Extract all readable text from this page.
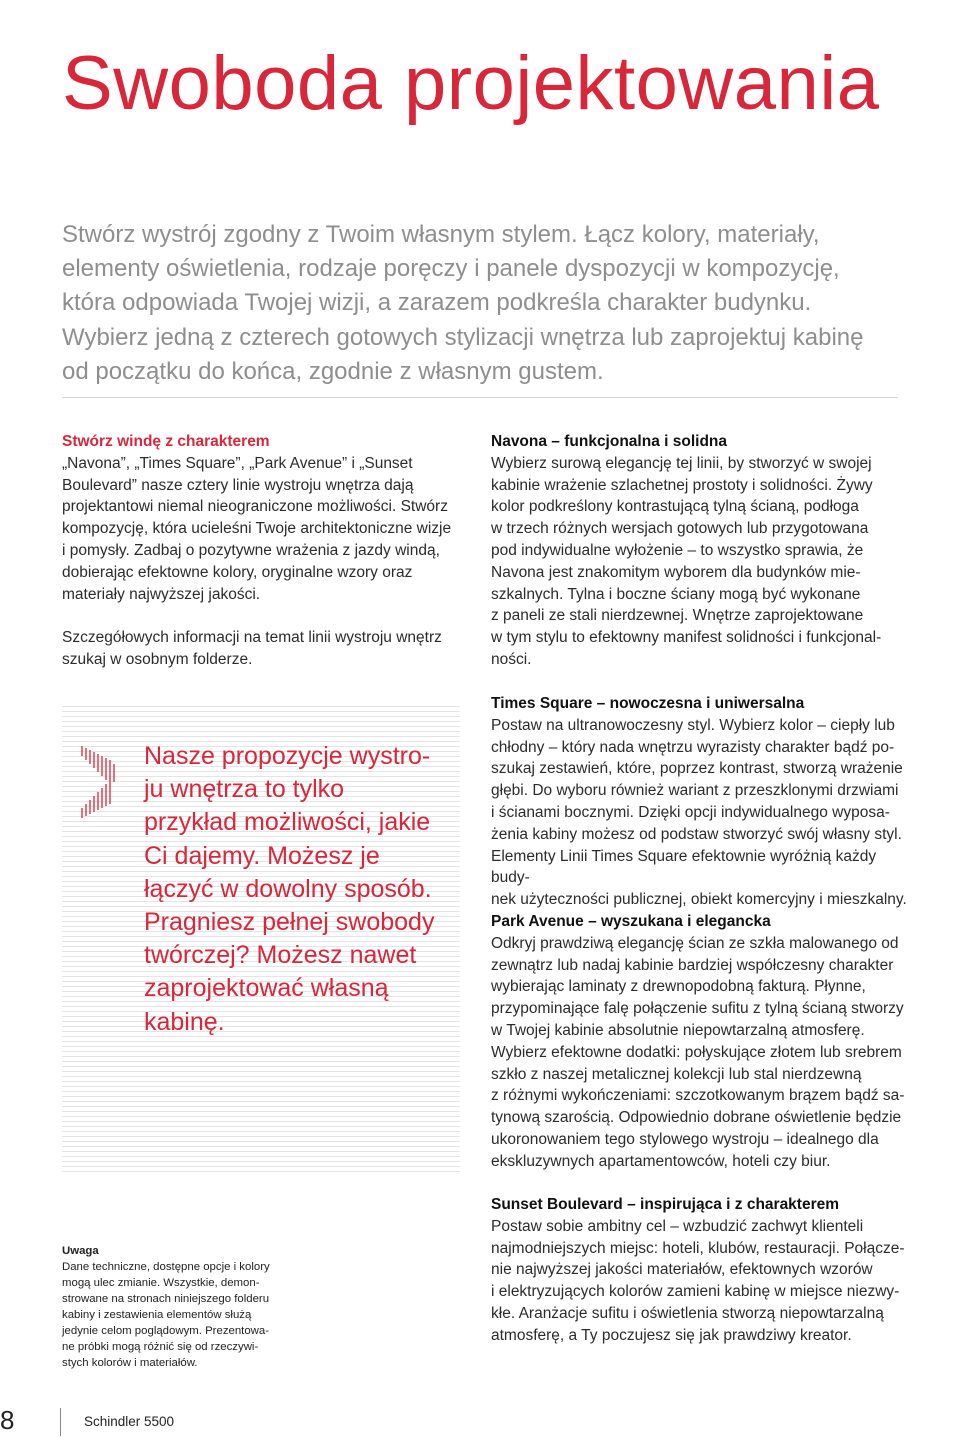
Swoboda projektowania
Stwórz wystrój zgodny z Twoim własnym stylem. Łącz kolory, materiały,
elementy oświetlenia, rodzaje poręczy i panele dyspozycji w kompozycję,
która odpowiada Twojej wizji, a zarazem podkreśla charakter budynku.
Wybierz jedną z czterech gotowych stylizacji wnętrza lub zaprojektuj kabinę
od początku do końca, zgodnie z własnym gustem.

Stwórz windę z charakterem

„Navona”, „Times Square”, „Park Avenue” i „Sunset

Boulevard” nasze cztery linie wystroju wnętrza dają

projektantowi niemal nieograniczone możliwości. Stwórz

kompozycję, która ucieleśni Twoje architektoniczne wizje

i pomysły. Zadbaj o pozytywne wrażenia z jazdy windą,

dobierając efektowne kolory, oryginalne wzory oraz

materiały najwyższej jakości.

Szczegółowych informacji na temat linii wystroju wnętrz

szukaj w osobnym folderze.

Nasze propozycje wystro-
ju wnętrza to tylko
przykład możliwości, jakie
Ci dajemy. Możesz je
łączyć w dowolny sposób.
Pragniesz pełnej swobody
twórczej? Możesz nawet
zaprojektować własną
kabinę.

Navona – funkcjonalna i solidna

Wybierz surową elegancję tej linii, by stworzyć w swojej

kabinie wrażenie szlachetnej prostoty i solidności. Żywy

kolor podkreślony kontrastującą tylną ścianą, podłoga

w trzech różnych wersjach gotowych lub przygotowana

pod indywidualne wyłożenie – to wszystko sprawia, że

Navona jest znakomitym wyborem dla budynków mie-

szkalnych. Tylna i boczne ściany mogą być wykonane

z paneli ze stali nierdzewnej. Wnętrze zaprojektowane

w tym stylu to efektowny manifest solidności i funkcjonal-

ności.

Times Square – nowoczesna i uniwersalna

Postaw na ultranowoczesny styl. Wybierz kolor – ciepły lub

chłodny – który nada wnętrzu wyrazisty charakter bądź po-

szukaj zestawień, które, poprzez kontrast, stworzą wrażenie

głębi. Do wyboru również wariant z przeszklonymi drzwiami

i ścianami bocznymi. Dzięki opcji indywidualnego wyposa-

żenia kabiny możesz od podstaw stworzyć swój własny styl.

Elementy Linii Times Square efektownie wyróżnią każdy budy-

nek użyteczności publicznej, obiekt komercyjny i mieszkalny.

Park Avenue – wyszukana i elegancka

Odkryj prawdziwą elegancję ścian ze szkła malowanego od

zewnątrz lub nadaj kabinie bardziej współczesny charakter

wybierając laminaty z drewnopodobną fakturą. Płynne,

przypominające falę połączenie sufitu z tylną ścianą stworzy

w Twojej kabinie absolutnie niepowtarzalną atmosferę.

Wybierz efektowne dodatki: połyskujące złotem lub srebrem

szkło z naszej metalicznej kolekcji lub stal nierdzewną

z różnymi wykończeniami: szczotkowanym brązem bądź sa-

tynową szarością. Odpowiednio dobrane oświetlenie będzie

ukoronowaniem tego stylowego wystroju – idealnego dla

ekskluzywnych apartamentowców, hoteli czy biur.

Sunset Boulevard – inspirująca i z charakterem

Postaw sobie ambitny cel – wzbudzić zachwyt klienteli

najmodniejszych miejsc: hoteli, klubów, restauracji. Połącze-

nie najwyższej jakości materiałów, efektownych wzorów

i elektryzujących kolorów zamieni kabinę w miejsce niezwy-

kłe. Aranżacje sufitu i oświetlenia stworzą niepowtarzalną

atmosferę, a Ty poczujesz się jak prawdziwy kreator.

Uwaga

Dane techniczne, dostępne opcje i kolory

mogą ulec zmianie. Wszystkie, demon-

strowane na stronach niniejszego folderu

kabiny i zestawienia elementów służą

jedynie celom poglądowym. Prezentowa-

ne próbki mogą różnić się od rzeczywi-

stych kolorów i materiałów.

8	Schindler 5500
